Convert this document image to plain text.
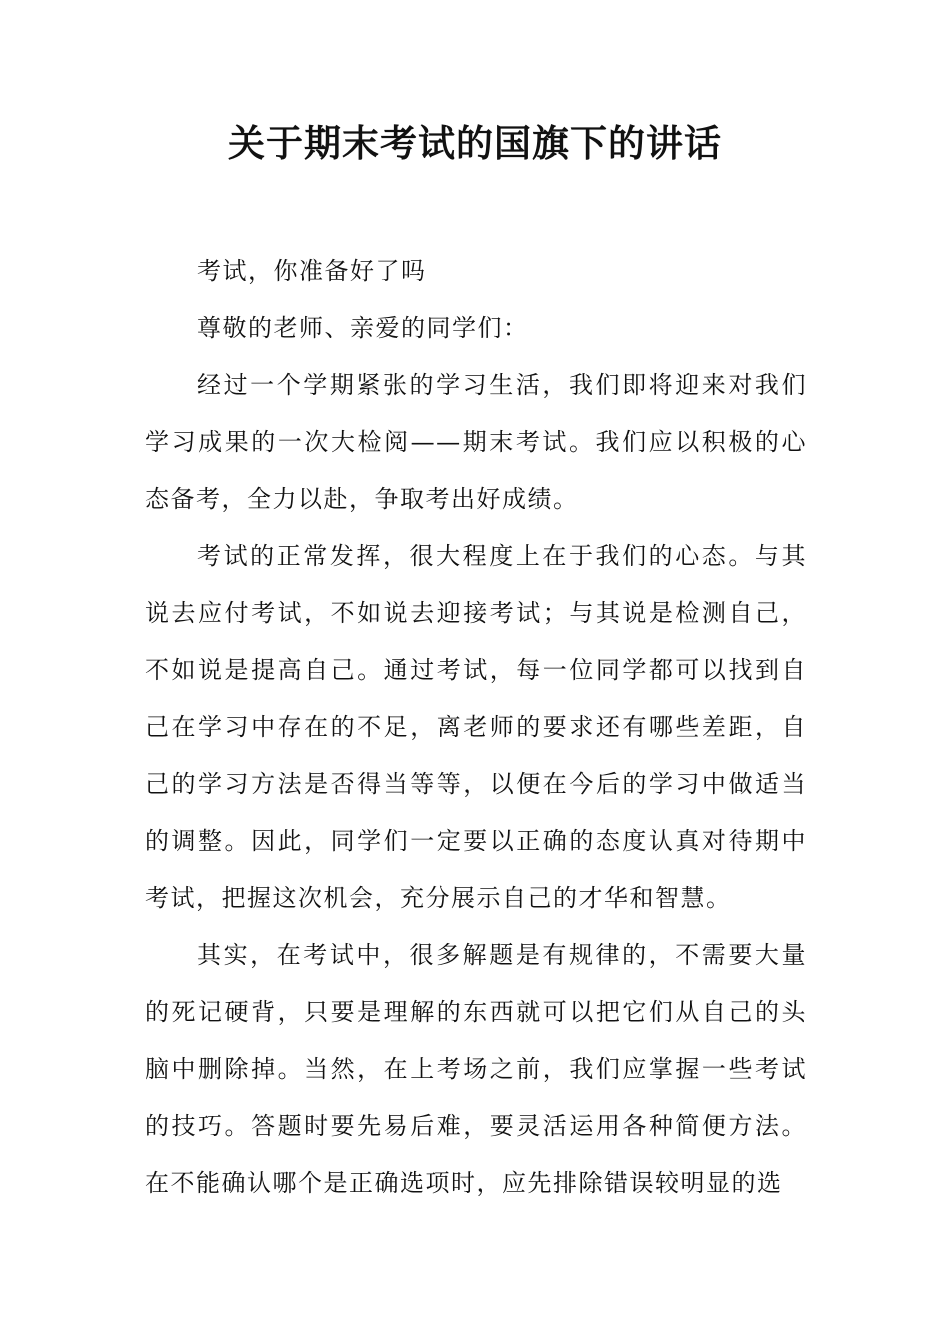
关于期末考试的国旗下的讲话

考试，你准备好了吗

尊敬的老师、亲爱的同学们：

经过一个学期紧张的学习生活，我们即将迎来对我们学习成果的一次大检阅——期末考试。我们应以积极的心态备考，全力以赴，争取考出好成绩。

考试的正常发挥，很大程度上在于我们的心态。与其说去应付考试，不如说去迎接考试；与其说是检测自己，不如说是提高自己。通过考试，每一位同学都可以找到自己在学习中存在的不足，离老师的要求还有哪些差距，自己的学习方法是否得当等等，以便在今后的学习中做适当的调整。因此，同学们一定要以正确的态度认真对待期中考试，把握这次机会，充分展示自己的才华和智慧。

其实，在考试中，很多解题是有规律的，不需要大量的死记硬背，只要是理解的东西就可以把它们从自己的头脑中删除掉。当然，在上考场之前，我们应掌握一些考试的技巧。答题时要先易后难，要灵活运用各种简便方法。在不能确认哪个是正确选项时，应先排除错误较明显的选
